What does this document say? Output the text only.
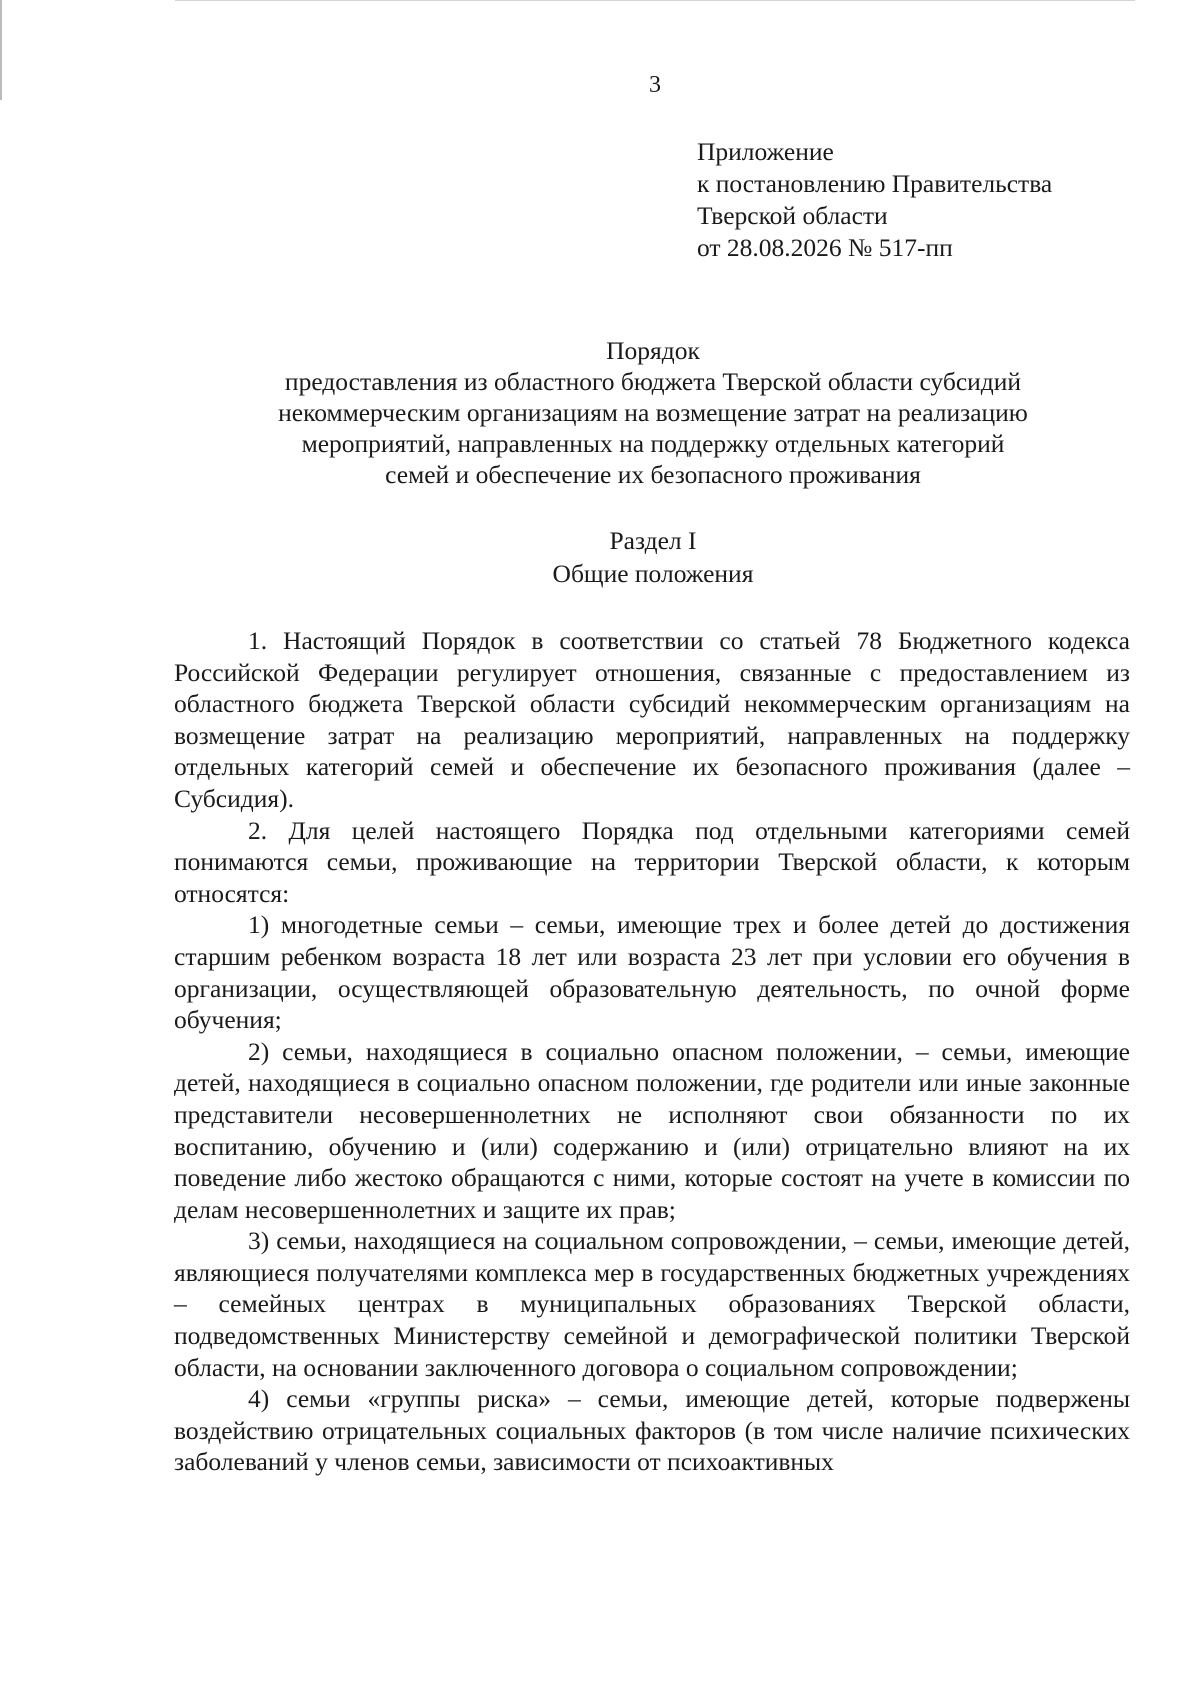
3
Приложение
к постановлению Правительства
Тверской области
от 28.08.2026 № 517-пп
Порядок
предоставления из областного бюджета Тверской области субсидий
некоммерческим организациям на возмещение затрат на реализацию
мероприятий, направленных на поддержку отдельных категорий
семей и обеспечение их безопасного проживания
Раздел I
Общие положения

1. Настоящий Порядок в соответствии со статьей 78 Бюджетного кодекса Российской Федерации регулирует отношения, связанные с предоставлением из областного бюджета Тверской области субсидий некоммерческим организациям на возмещение затрат на реализацию мероприятий, направленных на поддержку отдельных категорий семей и обеспечение их безопасного проживания (далее – Субсидия).

2. Для целей настоящего Порядка под отдельными категориями семей понимаются семьи, проживающие на территории Тверской области, к которым относятся:

1) многодетные семьи – семьи, имеющие трех и более детей до достижения старшим ребенком возраста 18 лет или возраста 23 лет при условии его обучения в организации, осуществляющей образовательную деятельность, по очной форме обучения;

2) семьи, находящиеся в социально опасном положении, – семьи, имеющие детей, находящиеся в социально опасном положении, где родители или иные законные представители несовершеннолетних не исполняют свои обязанности по их воспитанию, обучению и (или) содержанию и (или) отрицательно влияют на их поведение либо жестоко обращаются с ними, которые состоят на учете в комиссии по делам несовершеннолетних и защите их прав;

3) семьи, находящиеся на социальном сопровождении, – семьи, имеющие детей, являющиеся получателями комплекса мер в государственных бюджетных учреждениях – семейных центрах в муниципальных образованиях Тверской области, подведомственных Министерству семейной и демографической политики Тверской области, на основании заключенного договора о социальном сопровождении;

4) семьи «группы риска» – семьи, имеющие детей, которые подвержены воздействию отрицательных социальных факторов (в том числе наличие психических заболеваний у членов семьи, зависимости от психоактивных
